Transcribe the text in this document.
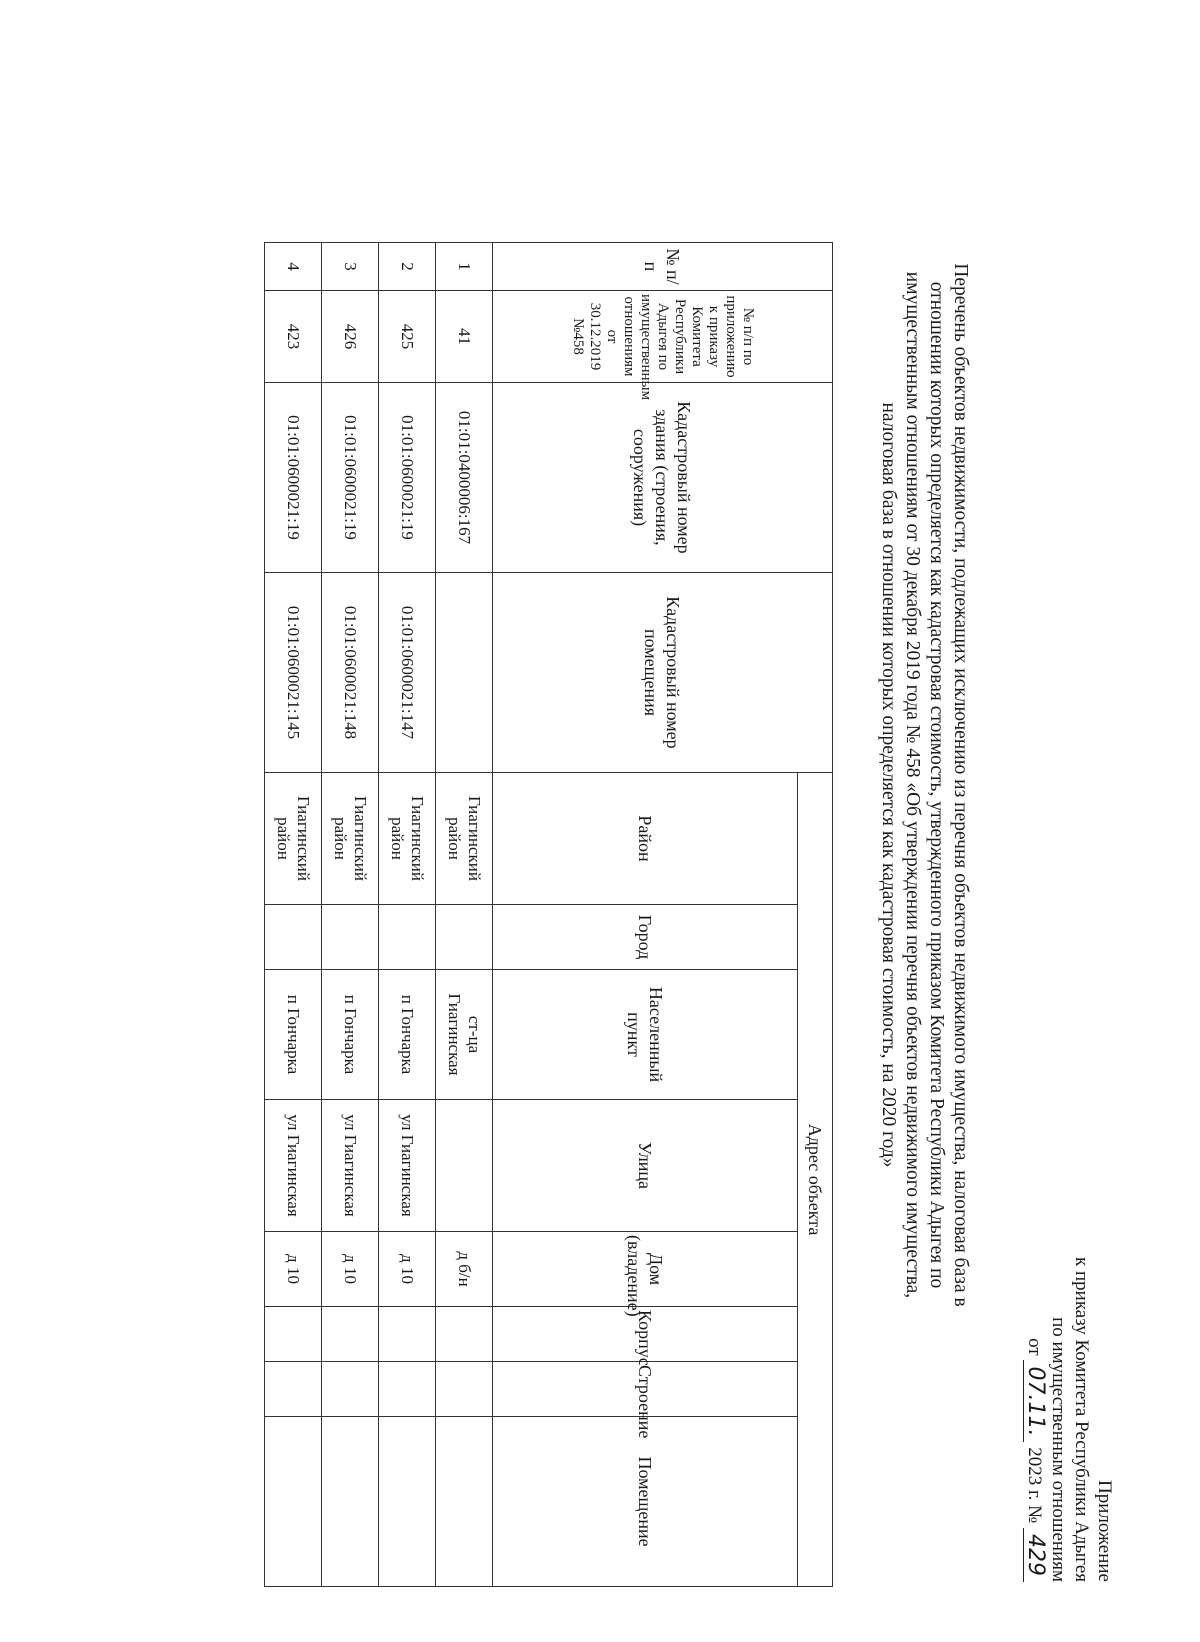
Приложение
к приказу Комитета Республики Адыгея
по имущественным отношениям
от 07.11. 2023 г. № 429
Перечень объектов недвижимости, подлежащих исключению из перечня объектов недвижимого имущества, налоговая база в отношении которых определяется как кадастровая стоимость, утвержденного приказом Комитета Республики Адыгея по имущественным отношениям от 30 декабря 2019 года № 458 «Об утверждении перечня объектов недвижимого имущества, налоговая база в отношении которых определяется как кадастровая стоимость, на 2020 год»
№ п/п	№ п/п по приложению к приказу Комитета Республики Адыгея по имущественным отношениям от 30.12.2019 №458	Кадастровый номер здания (строения, сооружения)	Кадастровый номер помещения	Адрес объекта							
				Район	Город	Населенный пункт	Улица	Дом (владение)	Корпус	Строение	Помещение
1	41	01:01:0400006:167		Гиагинский район		ст-ца Гиагинская		д б/н			
2	425	01:01:0600021:19	01:01:0600021:147	Гиагинский район		п Гончарка	ул Гиагинская	д 10			
3	426	01:01:0600021:19	01:01:0600021:148	Гиагинский район		п Гончарка	ул Гиагинская	д 10			
4	423	01:01:0600021:19	01:01:0600021:145	Гиагинский район		п Гончарка	ул Гиагинская	д 10			
